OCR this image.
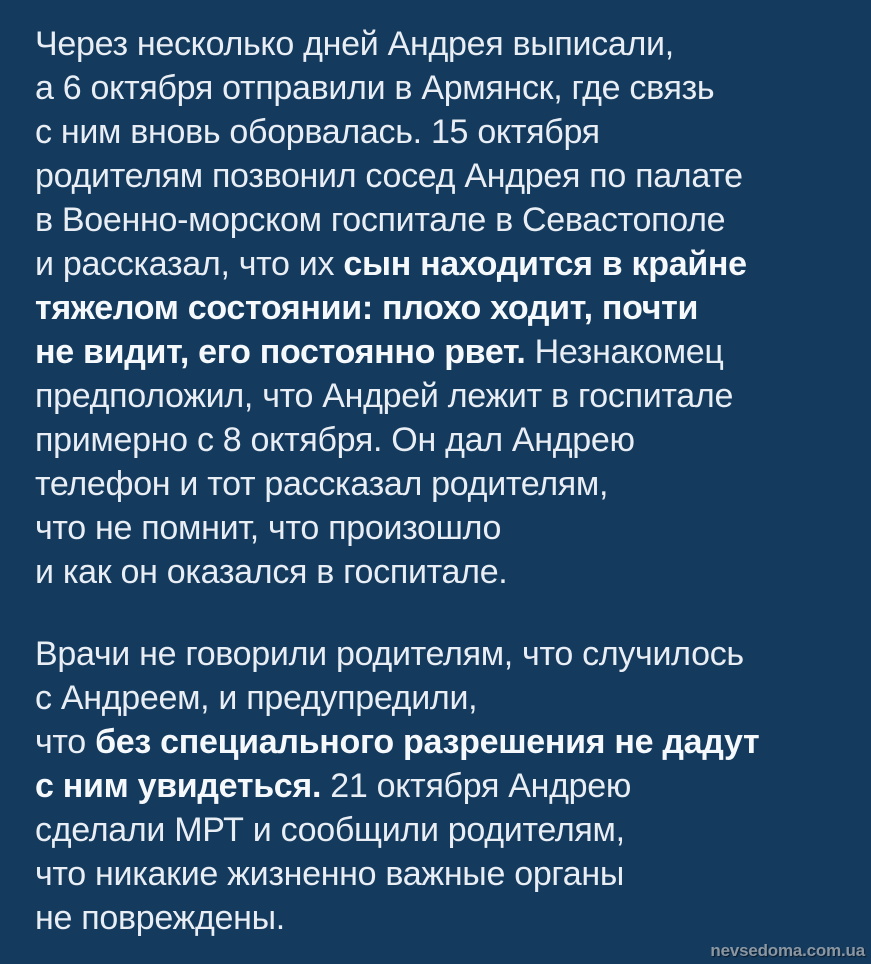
Через несколько дней Андрея выписали,
а 6 октября отправили в Армянск, где связь
с ним вновь оборвалась. 15 октября
родителям позвонил сосед Андрея по палате
в Военно-морском госпитале в Севастополе
и рассказал, что их сын находится в крайне
тяжелом состоянии: плохо ходит, почти
не видит, его постоянно рвет. Незнакомец
предположил, что Андрей лежит в госпитале
примерно с 8 октября. Он дал Андрею
телефон и тот рассказал родителям,
что не помнит, что произошло
и как он оказался в госпитале.
Врачи не говорили родителям, что случилось
с Андреем, и предупредили,
что без специального разрешения не дадут
с ним увидеться. 21 октября Андрею
сделали МРТ и сообщили родителям,
что никакие жизненно важные органы
не повреждены.
nevsedoma.com.ua
